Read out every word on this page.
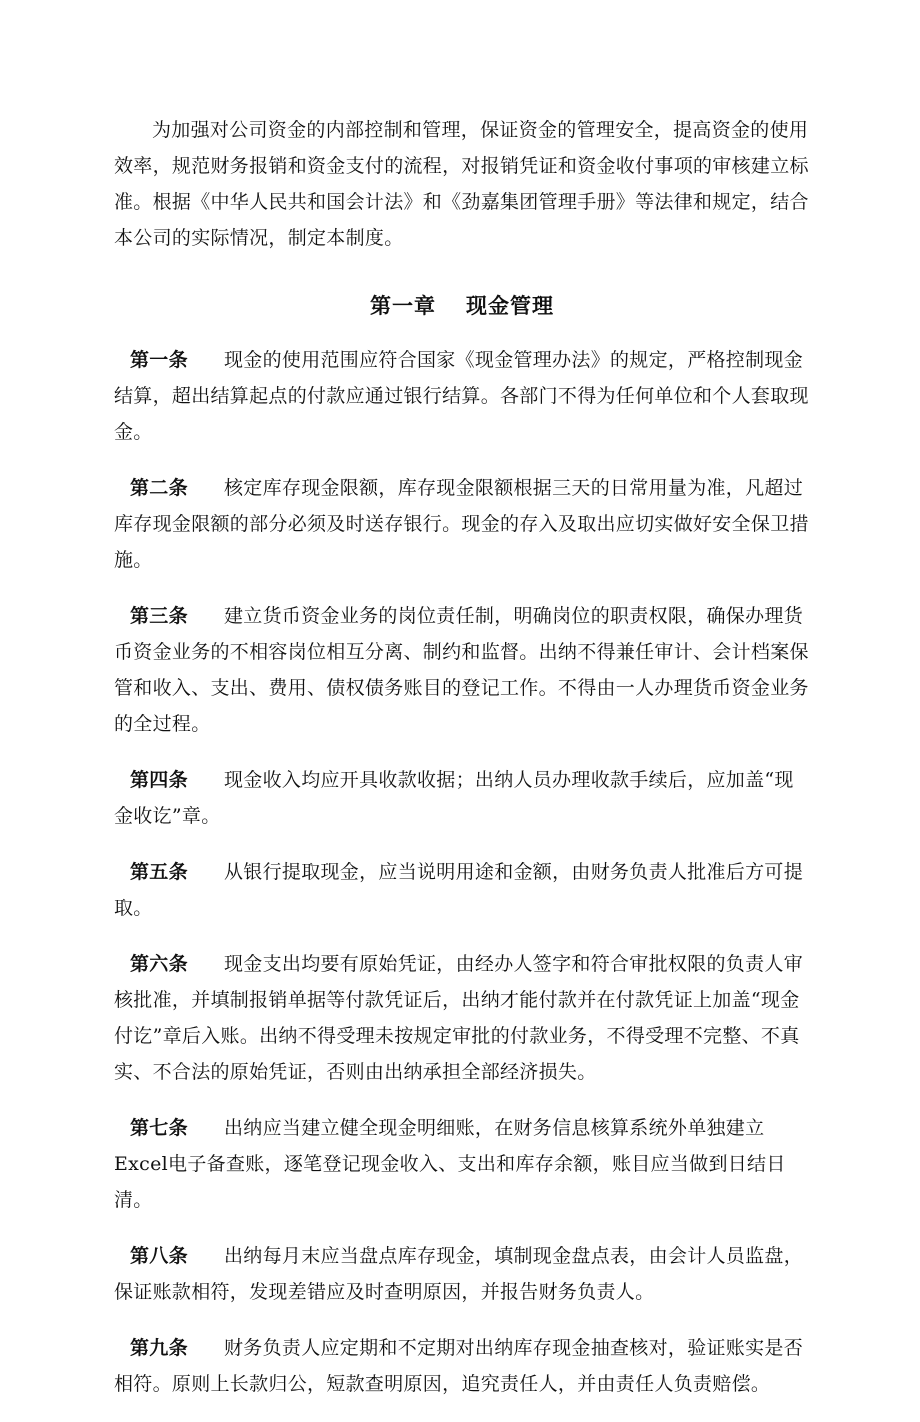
为加强对公司资金的内部控制和管理，保证资金的管理安全，提高资金的使用效率，规范财务报销和资金支付的流程，对报销凭证和资金收付事项的审核建立标准。根据《中华人民共和国会计法》和《劲嘉集团管理手册》等法律和规定，结合本公司的实际情况，制定本制度。

第一章 现金管理

第一条 现金的使用范围应符合国家《现金管理办法》的规定，严格控制现金结算，超出结算起点的付款应通过银行结算。各部门不得为任何单位和个人套取现金。

第二条 核定库存现金限额，库存现金限额根据三天的日常用量为准，凡超过库存现金限额的部分必须及时送存银行。现金的存入及取出应切实做好安全保卫措施。

第三条 建立货币资金业务的岗位责任制，明确岗位的职责权限，确保办理货币资金业务的不相容岗位相互分离、制约和监督。出纳不得兼任审计、会计档案保管和收入、支出、费用、债权债务账目的登记工作。不得由一人办理货币资金业务的全过程。

第四条 现金收入均应开具收款收据；出纳人员办理收款手续后，应加盖“现金收讫”章。

第五条 从银行提取现金，应当说明用途和金额，由财务负责人批准后方可提取。

第六条 现金支出均要有原始凭证，由经办人签字和符合审批权限的负责人审核批准，并填制报销单据等付款凭证后，出纳才能付款并在付款凭证上加盖“现金付讫”章后入账。出纳不得受理未按规定审批的付款业务，不得受理不完整、不真实、不合法的原始凭证，否则由出纳承担全部经济损失。

第七条 出纳应当建立健全现金明细账，在财务信息核算系统外单独建立Excel电子备查账，逐笔登记现金收入、支出和库存余额，账目应当做到日结日清。

第八条 出纳每月末应当盘点库存现金，填制现金盘点表，由会计人员监盘，保证账款相符，发现差错应及时查明原因，并报告财务负责人。

第九条 财务负责人应定期和不定期对出纳库存现金抽查核对，验证账实是否相符。原则上长款归公，短款查明原因，追究责任人，并由责任人负责赔偿。
